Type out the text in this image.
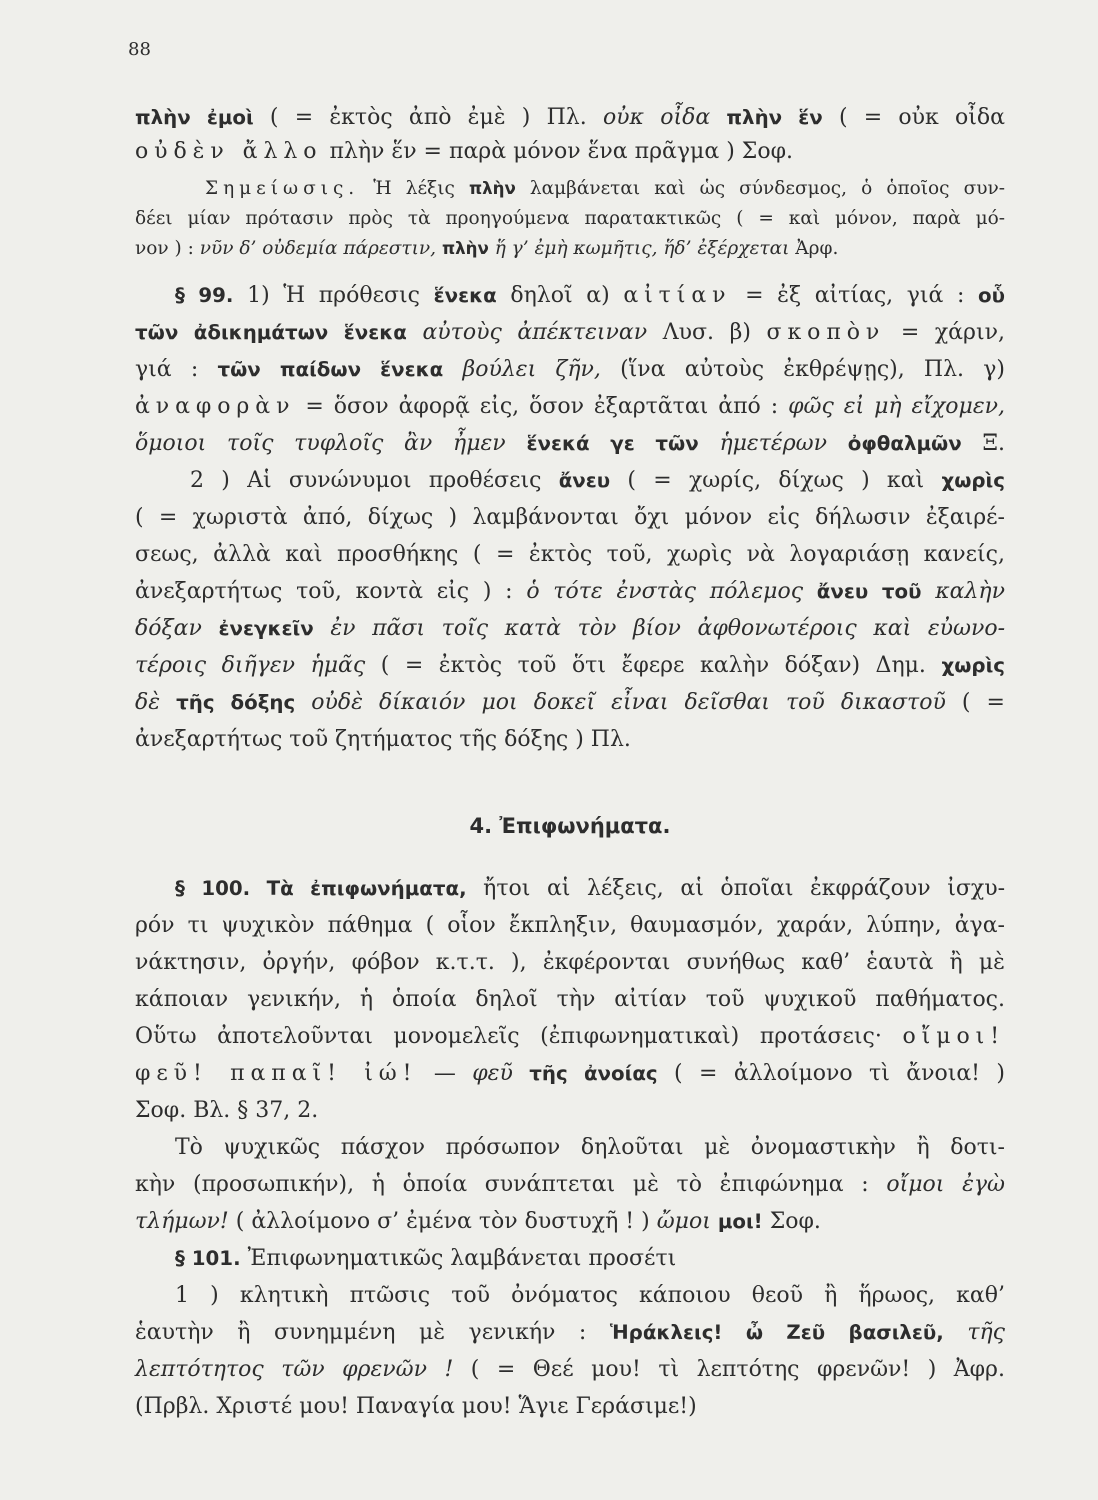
88
πλὴν ἐμοὶ ( = ἐκτὸς ἀπὸ ἐμὲ ) Πλ. οὐκ οἶδα πλὴν ἕν ( = οὐκ οἶδα
οὐδὲν ἄλλο πλὴν ἕν = παρὰ μόνον ἕνα πρᾶγμα ) Σοφ.
Σημείωσις. Ἡ λέξις πλὴν λαμβάνεται καὶ ὡς σύνδεσμος, ὁ ὁποῖος συν-
δέει μίαν πρότασιν πρὸς τὰ προηγούμενα παρατακτικῶς ( = καὶ μόνον, παρὰ μό-
νον ) : νῦν δ’ οὐδεμία πάρεστιν, πλὴν ἥ γ’ ἐμὴ κωμῆτις, ἥδ’ ἐξέρχεται Ἀρφ.
§ 99. 1) Ἡ πρόθεσις ἕνεκα δηλοῖ α) αἰτίαν = ἐξ αἰτίας, γιά : οὗ
τῶν ἀδικημάτων ἕνεκα αὐτοὺς ἀπέκτειναν Λυσ. β) σκοπὸν = χάριν,
γιά : τῶν παίδων ἕνεκα βούλει ζῆν, (ἵνα αὐτοὺς ἐκθρέψῃς), Πλ. γ)
ἀναφορὰν = ὅσον ἀφορᾷ εἰς, ὅσον ἐξαρτᾶται ἀπό : φῶς εἰ μὴ εἴχομεν,
ὅμοιοι τοῖς τυφλοῖς ἂν ἦμεν ἕνεκά γε τῶν ἡμετέρων ὀφθαλμῶν Ξ.
2 ) Αἱ συνώνυμοι προθέσεις ἄνευ ( = χωρίς, δίχως ) καὶ χωρὶς
( = χωριστὰ ἀπό, δίχως ) λαμβάνονται ὄχι μόνον εἰς δήλωσιν ἐξαιρέ-
σεως, ἀλλὰ καὶ προσθήκης ( = ἐκτὸς τοῦ, χωρὶς νὰ λογαριάσῃ κανείς,
ἀνεξαρτήτως τοῦ, κοντὰ εἰς ) : ὁ τότε ἐνστὰς πόλεμος ἄνευ τοῦ καλὴν
δόξαν ἐνεγκεῖν ἐν πᾶσι τοῖς κατὰ τὸν βίον ἀφθονωτέροις καὶ εὐωνο-
τέροις διῆγεν ἡμᾶς ( = ἐκτὸς τοῦ ὅτι ἔφερε καλὴν δόξαν) Δημ. χωρὶς
δὲ τῆς δόξης οὐδὲ δίκαιόν μοι δοκεῖ εἶναι δεῖσθαι τοῦ δικαστοῦ ( =
ἀνεξαρτήτως τοῦ ζητήματος τῆς δόξης ) Πλ.
4. Ἐπιφωνήματα.
§ 100. Τὰ ἐπιφωνήματα, ἤτοι αἱ λέξεις, αἱ ὁποῖαι ἐκφράζουν ἰσχυ-
ρόν τι ψυχικὸν πάθημα ( οἷον ἔκπληξιν, θαυμασμόν, χαράν, λύπην, ἀγα-
νάκτησιν, ὀργήν, φόβον κ.τ.τ. ), ἐκφέρονται συνήθως καθ’ ἑαυτὰ ἢ μὲ
κάποιαν γενικήν, ἡ ὁποία δηλοῖ τὴν αἰτίαν τοῦ ψυχικοῦ παθήματος.
Οὕτω ἀποτελοῦνται μονομελεῖς (ἐπιφωνηματικαὶ) προτάσεις· οἴμοι!
φεῦ! παπαῖ! ἰώ! — φεῦ τῆς ἀνοίας ( = ἀλλοίμονο τὶ ἄνοια! )
Σοφ. Βλ. § 37, 2.
Τὸ ψυχικῶς πάσχον πρόσωπον δηλοῦται μὲ ὀνομαστικὴν ἢ δοτι-
κὴν (προσωπικήν), ἡ ὁποία συνάπτεται μὲ τὸ ἐπιφώνημα : οἴμοι ἐγὼ
τλήμων! ( ἀλλοίμονο σ’ ἐμένα τὸν δυστυχῆ ! ) ὤμοι μοι! Σοφ.
§ 101. Ἐπιφωνηματικῶς λαμβάνεται προσέτι
1 ) κλητικὴ πτῶσις τοῦ ὀνόματος κάποιου θεοῦ ἢ ἥρωος, καθ’
ἑαυτὴν ἢ συνημμένη μὲ γενικήν : Ἡράκλεις! ὦ Ζεῦ βασιλεῦ, τῆς
λεπτότητος τῶν φρενῶν ! ( = Θεέ μου! τὶ λεπτότης φρενῶν! ) Ἀφρ.
(Πρβλ. Χριστέ μου! Παναγία μου! Ἅγιε Γεράσιμε!)
